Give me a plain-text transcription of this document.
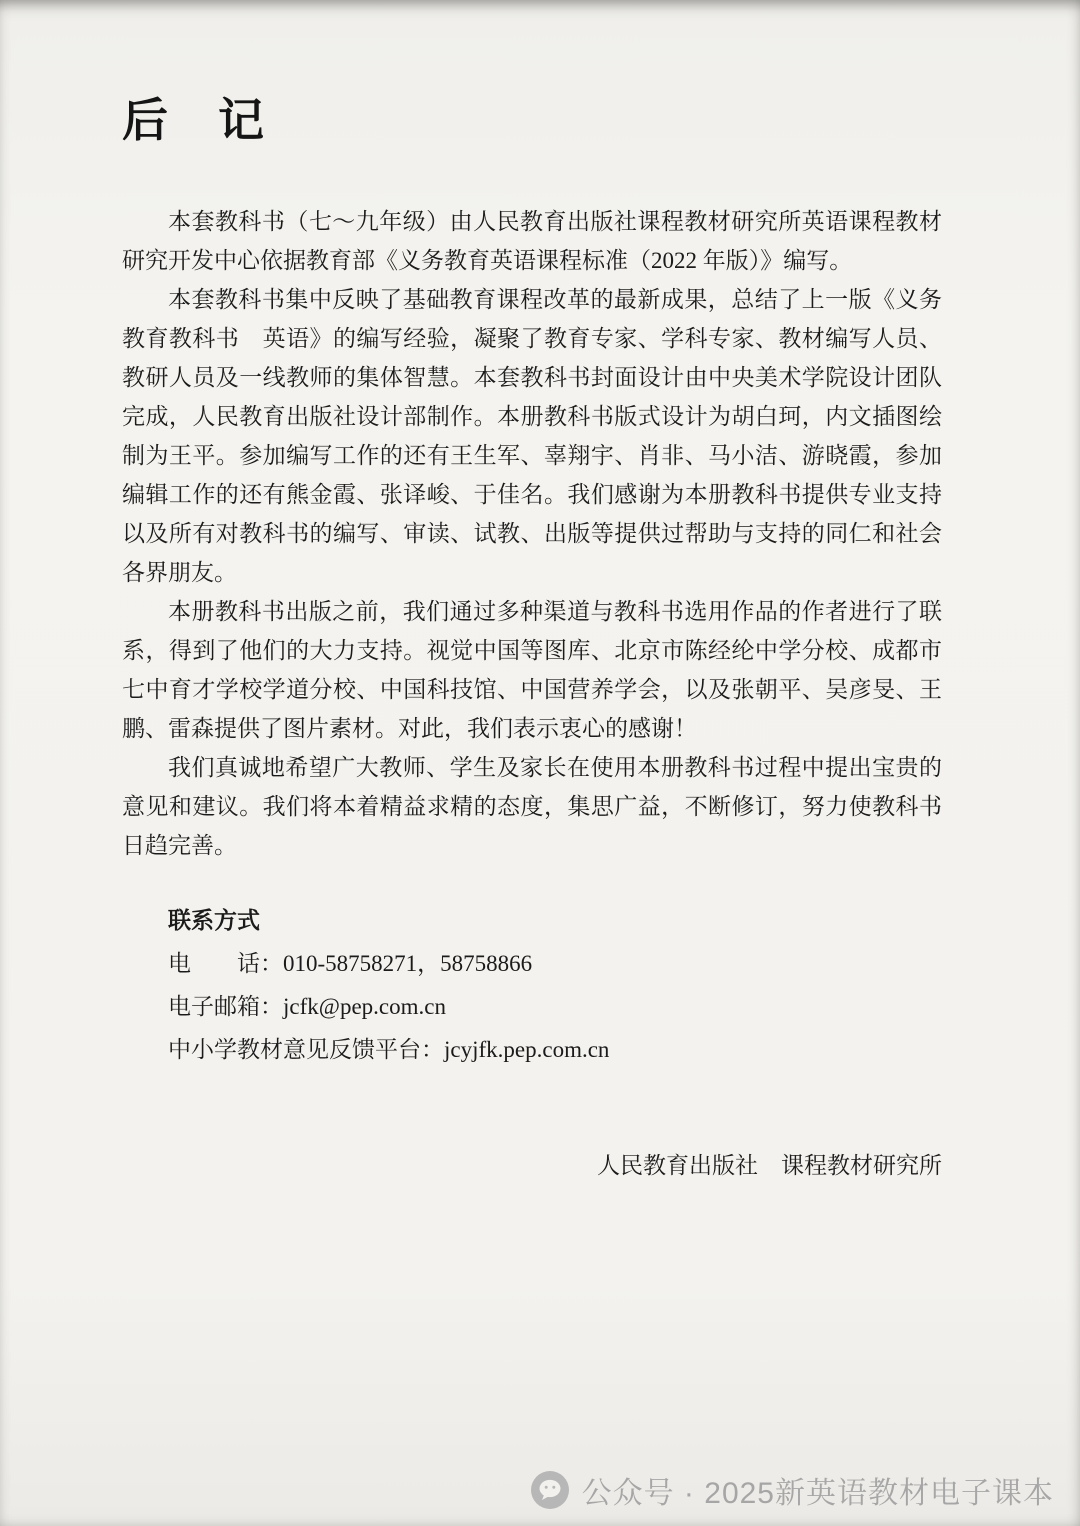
后　记

本套教科书（七～九年级）由人民教育出版社课程教材研究所英语课程教材研究开发中心依据教育部《义务教育英语课程标准（2022 年版）》编写。

本套教科书集中反映了基础教育课程改革的最新成果，总结了上一版《义务教育教科书　英语》的编写经验，凝聚了教育专家、学科专家、教材编写人员、教研人员及一线教师的集体智慧。本套教科书封面设计由中央美术学院设计团队完成，人民教育出版社设计部制作。本册教科书版式设计为胡白珂，内文插图绘制为王平。参加编写工作的还有王生军、辜翔宇、肖非、马小洁、游晓霞，参加编辑工作的还有熊金霞、张译峻、于佳名。我们感谢为本册教科书提供专业支持以及所有对教科书的编写、审读、试教、出版等提供过帮助与支持的同仁和社会各界朋友。

本册教科书出版之前，我们通过多种渠道与教科书选用作品的作者进行了联系，得到了他们的大力支持。视觉中国等图库、北京市陈经纶中学分校、成都市七中育才学校学道分校、中国科技馆、中国营养学会，以及张朝平、吴彦旻、王鹏、雷森提供了图片素材。对此，我们表示衷心的感谢！

我们真诚地希望广大教师、学生及家长在使用本册教科书过程中提出宝贵的意见和建议。我们将本着精益求精的态度，集思广益，不断修订，努力使教科书日趋完善。

联系方式

电　　话：010-58758271，58758866

电子邮箱：jcfk@pep.com.cn

中小学教材意见反馈平台：jcyjfk.pep.com.cn

人民教育出版社　课程教材研究所

公众号 · 2025新英语教材电子课本
